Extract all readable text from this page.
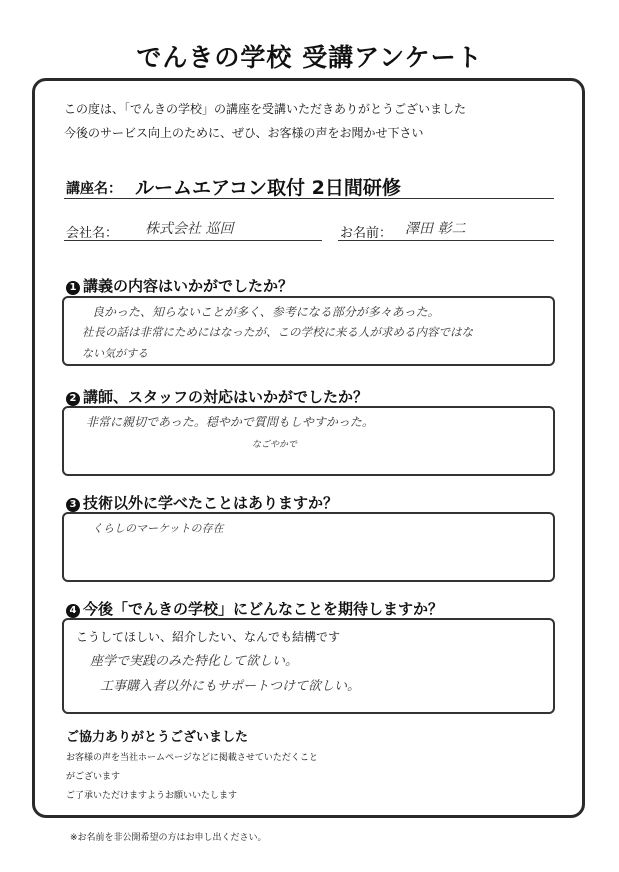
でんきの学校 受講アンケート
この度は、「でんきの学校」の講座を受講いただきありがとうございました
今後のサービス向上のために、ぜひ、お客様の声をお聞かせ下さい
講座名： ルームエアコン取付 2日間研修
会社名： 株式会社 巡回	お名前： 澤田 彰二
1 講義の内容はいかがでしたか？
良かった、知らないことが多く、参考になる部分が多々あった。
社長の話は非常にためにはなったが、この学校に来る人が求める内容ではな
ない気がする
2 講師、スタッフの対応はいかがでしたか？
非常に親切であった。穏やかで質問もしやすかった。
なごやかで
3 技術以外に学べたことはありますか？
くらしのマーケットの存在
4 今後「でんきの学校」にどんなことを期待しますか？
こうしてほしい、紹介したい、なんでも結構です
座学で実践のみた特化して欲しい。
工事購入者以外にもサポートつけて欲しい。
ご協力ありがとうございました
お客様の声を当社ホームページなどに掲載させていただくこと
がございます
ご了承いただけますようお願いいたします
※お名前を非公開希望の方はお申し出ください。
